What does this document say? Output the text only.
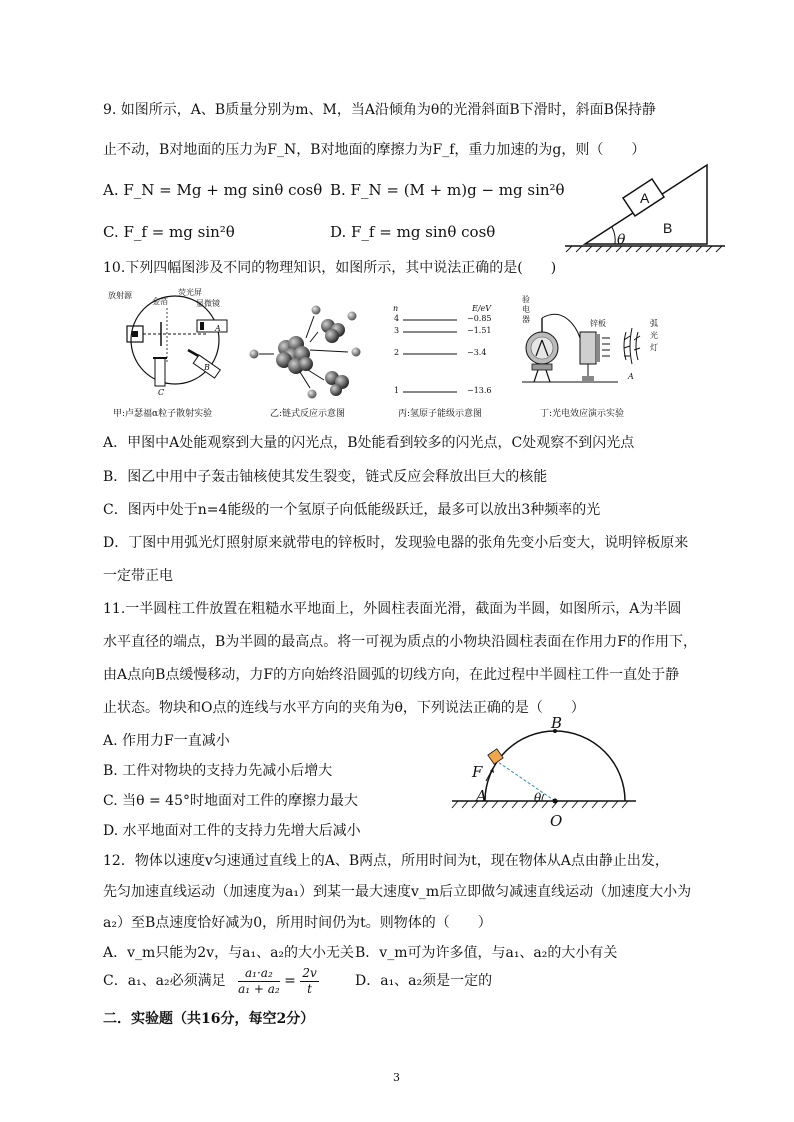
9. 如图所示，A、B质量分别为m、M，当A沿倾角为θ的光滑斜面B下滑时，斜面B保持静
止不动，B对地面的压力为F_N，B对地面的摩擦力为F_f，重力加速的为g，则（　　）
A. F_N = Mg + mg sinθ cosθ B. F_N = (M + m)g − mg sin²θ
C. F_f = mg sin²θ	D. F_f = mg sinθ cosθ
A
B
θ
10.下列四幅图涉及不同的物理知识，如图所示，其中说法正确的是(　　)
放射源
金箔
荧光屏
显微镜
A
B
C
甲:卢瑟福α粒子散射实验	乙:链式反应示意图
n	E/eV
4	−0.85
3	−1.51
2	−3.4
1	−13.6
丙:氢原子能级示意图
验
电
器	锌板	弧
光
灯
A
丁:光电效应演示实验
A．甲图中A处能观察到大量的闪光点，B处能看到较多的闪光点，C处观察不到闪光点
B．图乙中用中子轰击铀核使其发生裂变，链式反应会释放出巨大的核能
C．图丙中处于n=4能级的一个氢原子向低能级跃迁，最多可以放出3种频率的光
D．丁图中用弧光灯照射原来就带电的锌板时，发现验电器的张角先变小后变大，说明锌板原来
一定带正电
11.一半圆柱工件放置在粗糙水平地面上，外圆柱表面光滑，截面为半圆，如图所示，A为半圆
水平直径的端点，B为半圆的最高点。将一可视为质点的小物块沿圆柱表面在作用力F的作用下，
由A点向B点缓慢移动，力F的方向始终沿圆弧的切线方向，在此过程中半圆柱工件一直处于静
止状态。物块和O点的连线与水平方向的夹角为θ，下列说法正确的是（　　）
A. 作用力F一直减小
B. 工件对物块的支持力先减小后增大
C. 当θ = 45°时地面对工件的摩擦力最大
D. 水平地面对工件的支持力先增大后减小
B
F
A	θ
O
12．物体以速度v匀速通过直线上的A、B两点，所用时间为t，现在物体从A点由静止出发，
先匀加速直线运动（加速度为a₁）到某一最大速度v_m后立即做匀减速直线运动（加速度大小为
a₂）至B点速度恰好减为0，所用时间仍为t。则物体的（　　）
A．v_m只能为2v，与a₁、a₂的大小无关 B．v_m可为许多值，与a₁、a₂的大小有关
C．a₁、a₂必须满足 $\frac{\text{a₁·a₂}}{\text{a₁ + a₂}} = \frac{2v}{t}$	D．a₁、a₂须是一定的
二．实验题（共16分，每空2分）
3
